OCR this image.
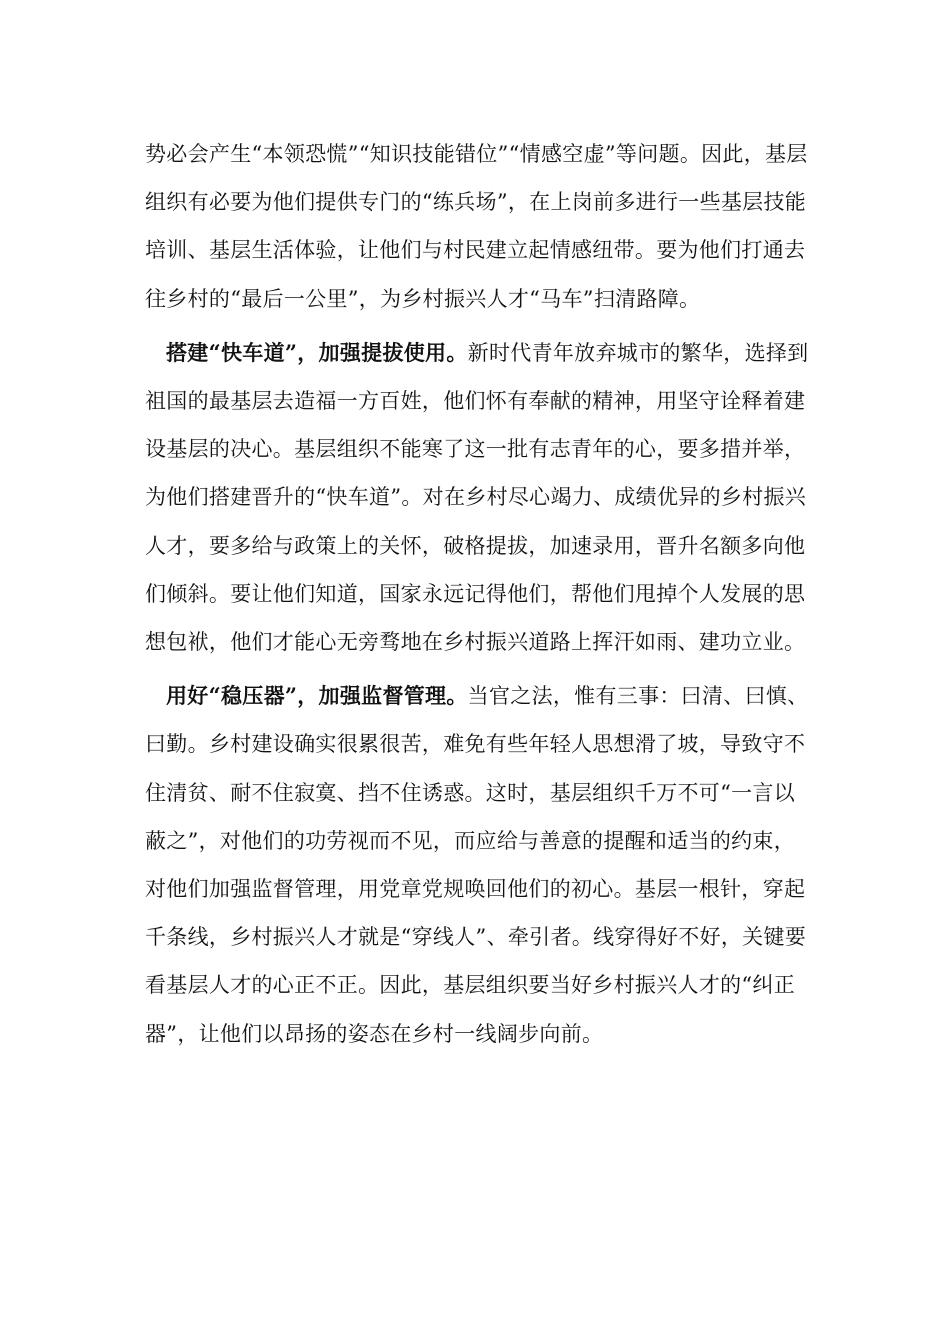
势必会产生“本领恐慌”“知识技能错位”“情感空虚”等问题。因此，基层组织有必要为他们提供专门的“练兵场”，在上岗前多进行一些基层技能培训、基层生活体验，让他们与村民建立起情感纽带。要为他们打通去往乡村的“最后一公里”，为乡村振兴人才“马车”扫清路障。

搭建“快车道”，加强提拔使用。新时代青年放弃城市的繁华，选择到祖国的最基层去造福一方百姓，他们怀有奉献的精神，用坚守诠释着建设基层的决心。基层组织不能寒了这一批有志青年的心，要多措并举，为他们搭建晋升的“快车道”。对在乡村尽心竭力、成绩优异的乡村振兴人才，要多给与政策上的关怀，破格提拔，加速录用，晋升名额多向他们倾斜。要让他们知道，国家永远记得他们，帮他们甩掉个人发展的思想包袱，他们才能心无旁骛地在乡村振兴道路上挥汗如雨、建功立业。

用好“稳压器”，加强监督管理。当官之法，惟有三事：曰清、曰慎、曰勤。乡村建设确实很累很苦，难免有些年轻人思想滑了坡，导致守不住清贫、耐不住寂寞、挡不住诱惑。这时，基层组织千万不可“一言以蔽之”，对他们的功劳视而不见，而应给与善意的提醒和适当的约束，对他们加强监督管理，用党章党规唤回他们的初心。基层一根针，穿起千条线，乡村振兴人才就是“穿线人”、牵引者。线穿得好不好，关键要看基层人才的心正不正。因此，基层组织要当好乡村振兴人才的“纠正器”，让他们以昂扬的姿态在乡村一线阔步向前。
